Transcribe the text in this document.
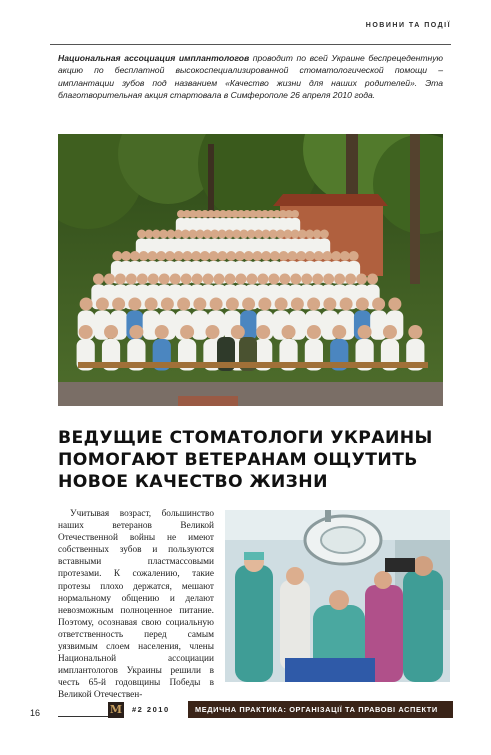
НОВИНИ ТА ПОДІЇ
Национальная ассоциация имплантологов проводит по всей Украине беспрецедентную акцию по бесплатной высокоспециализированной стоматологической помощи – имплантации зубов под названием «Качество жизни для наших родителей». Эта благотворительная акция стартовала в Симферополе 26 апреля 2010 года.
ВЕДУЩИЕ СТОМАТОЛОГИ УКРАИНЫ
ПОМОГАЮТ ВЕТЕРАНАМ ОЩУТИТЬ
НОВОЕ КАЧЕСТВО ЖИЗНИ
Учитывая возраст, большинство наших ветеранов Великой Отечественной войны не имеют собственных зубов и пользуются вставными пластмассовыми протезами. К сожалению, такие протезы плохо держатся, мешают нормальному общению и делают невозможным полноценное питание. Поэтому, осознавая свою социальную ответственность перед самым уязвимым слоем населения, члены Национальной ассоциации имплантологов Украины решили в честь 65-й годовщины Победы в Великой Отечествен-
16	М #2 2010	МЕДИЧНА ПРАКТИКА: ОРГАНІЗАЦІЇ ТА ПРАВОВІ АСПЕКТИ
